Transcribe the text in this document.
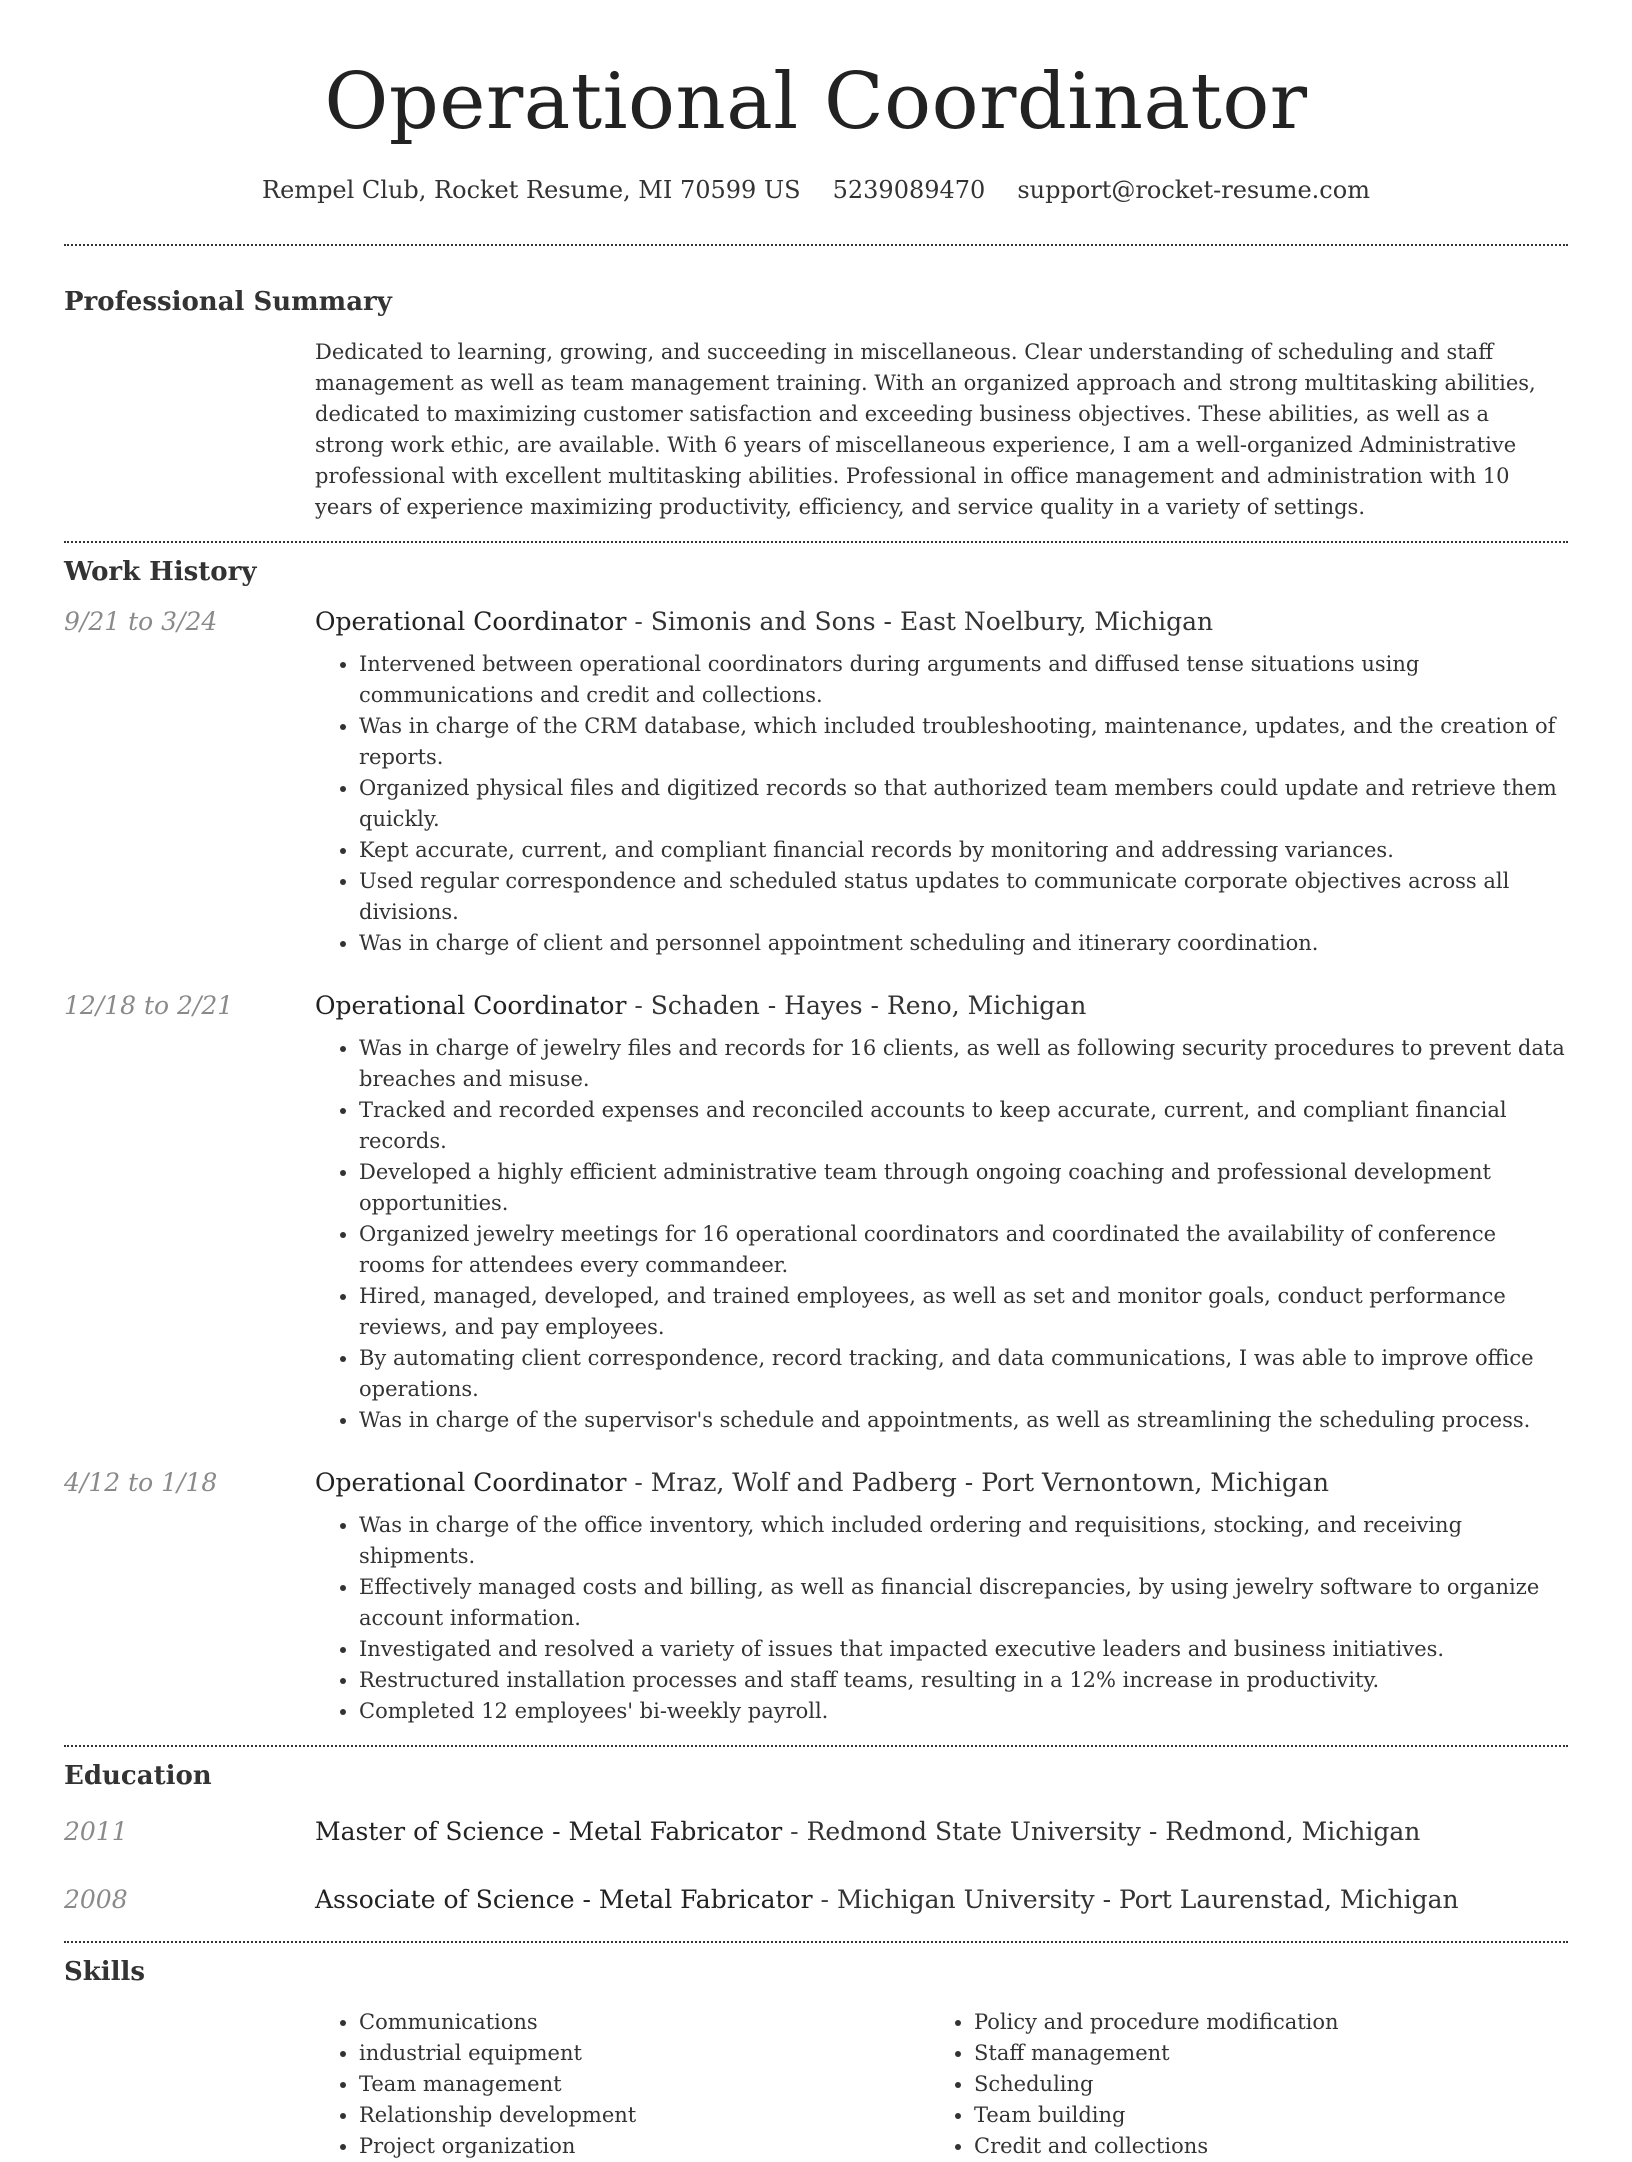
Operational Coordinator
Rempel Club, Rocket Resume, MI 70599 US 5239089470 support@rocket-resume.com
Professional Summary

Dedicated to learning, growing, and succeeding in miscellaneous. Clear understanding of scheduling and staff management as well as team management training. With an organized approach and strong multitasking abilities, dedicated to maximizing customer satisfaction and exceeding business objectives. These abilities, as well as a strong work ethic, are available. With 6 years of miscellaneous experience, I am a well-organized Administrative professional with excellent multitasking abilities. Professional in office management and administration with 10 years of experience maximizing productivity, efficiency, and service quality in a variety of settings.

Work History
9/21 to 3/24	Operational Coordinator - Simonis and Sons - East Noelbury, Michigan
• Intervened between operational coordinators during arguments and diffused tense situations using communications and credit and collections.
• Was in charge of the CRM database, which included troubleshooting, maintenance, updates, and the creation of reports.
• Organized physical files and digitized records so that authorized team members could update and retrieve them quickly.
• Kept accurate, current, and compliant financial records by monitoring and addressing variances.
• Used regular correspondence and scheduled status updates to communicate corporate objectives across all divisions.
• Was in charge of client and personnel appointment scheduling and itinerary coordination.
12/18 to 2/21	Operational Coordinator - Schaden - Hayes - Reno, Michigan
• Was in charge of jewelry files and records for 16 clients, as well as following security procedures to prevent data breaches and misuse.
• Tracked and recorded expenses and reconciled accounts to keep accurate, current, and compliant financial records.
• Developed a highly efficient administrative team through ongoing coaching and professional development opportunities.
• Organized jewelry meetings for 16 operational coordinators and coordinated the availability of conference rooms for attendees every commandeer.
• Hired, managed, developed, and trained employees, as well as set and monitor goals, conduct performance reviews, and pay employees.
• By automating client correspondence, record tracking, and data communications, I was able to improve office operations.
• Was in charge of the supervisor's schedule and appointments, as well as streamlining the scheduling process.
4/12 to 1/18	Operational Coordinator - Mraz, Wolf and Padberg - Port Vernontown, Michigan
• Was in charge of the office inventory, which included ordering and requisitions, stocking, and receiving shipments.
• Effectively managed costs and billing, as well as financial discrepancies, by using jewelry software to organize account information.
• Investigated and resolved a variety of issues that impacted executive leaders and business initiatives.
• Restructured installation processes and staff teams, resulting in a 12% increase in productivity.
• Completed 12 employees' bi-weekly payroll.
Education
2011	Master of Science - Metal Fabricator - Redmond State University - Redmond, Michigan
2008	Associate of Science - Metal Fabricator - Michigan University - Port Laurenstad, Michigan
Skills
• Communications
• industrial equipment
• Team management
• Relationship development
• Project organization
• Policy and procedure modification
• Staff management
• Scheduling
• Team building
• Credit and collections
